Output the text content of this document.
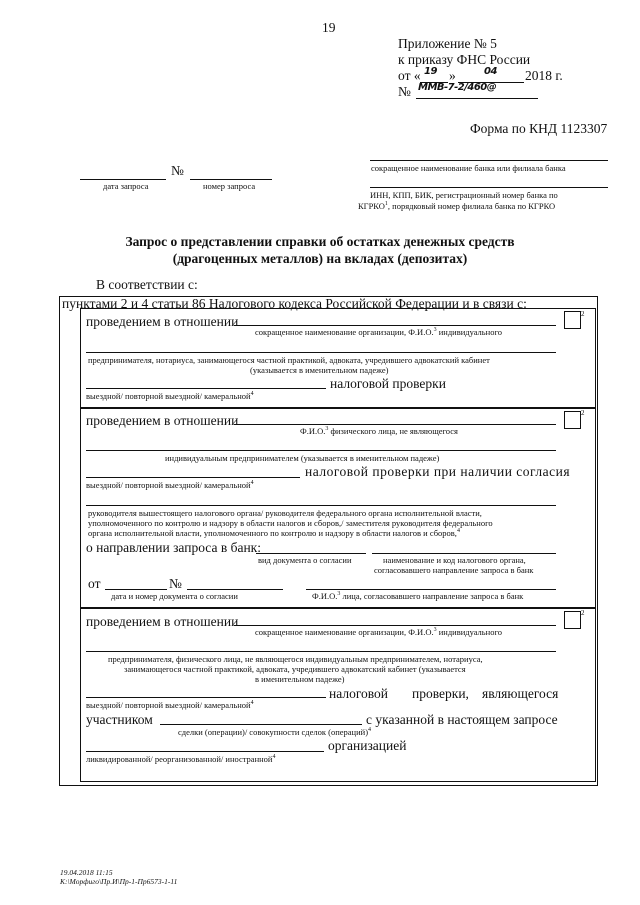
19
Приложение № 5
к приказу ФНС России
от « 19 »	04 2018 г.
№ ММВ-7-2/460@
Форма по КНД 1123307
№
дата запроса	номер запроса
сокращенное наименование банка или филиала банка
ИНН, КПП, БИК, регистрационный номер банка по
КГРКО$^1$, порядковый номер филиала банка по КГРКО
Запрос о представлении справки об остатках денежных средств
(драгоценных металлов) на вкладах (депозитах)
В соответствии с:
пунктами 2 и 4 статьи 86 Налогового кодекса Российской Федерации и в связи с:
проведением в отношении	2
сокращенное наименование организации, Ф.И.О.$^3$ индивидуального
предпринимателя, нотариуса, занимающегося частной практикой, адвоката, учредившего адвокатский кабинет
(указывается в именительном падеже)
налоговой проверки
выездной/ повторной выездной/ камеральной$^4$
проведением в отношении	2
Ф.И.О.$^3$ физического лица, не являющегося
индивидуальным предпринимателем (указывается в именительном падеже)
налоговой проверки при наличии согласия
выездной/ повторной выездной/ камеральной$^4$
руководителя вышестоящего налогового органа/ руководителя федерального органа исполнительной власти,
уполномоченного по контролю и надзору в области налогов и сборов,/ заместителя руководителя федерального
органа исполнительной власти, уполномоченного по контролю и надзору в области налогов и сборов,$^4$
о направлении запроса в банк:
вид документа о согласии	наименование и код налогового органа,
согласовавшего направление запроса в банк
от	№
дата и номер документа о согласии	Ф.И.О.$^3$ лица, согласовавшего направление запроса в банк
проведением в отношении
2
сокращенное наименование организации, Ф.И.О.$^3$ индивидуального
предпринимателя, физического лица, не являющегося индивидуальным предпринимателем, нотариуса,
занимающегося частной практикой, адвоката, учредившего адвокатский кабинет (указывается
в именительном падеже)
налоговой проверки, являющегося
выездной/ повторной выездной/ камеральной$^4$
участником	с указанной в настоящем запросе
сделки (операции)/ совокупности сделок (операций)$^4$
организацией
ликвидированной/ реорганизованной/ иностранной$^4$
19.04.2018 11:15
К:\Морфиго\Пр.И\Пр-1-Пр6573-1-11
